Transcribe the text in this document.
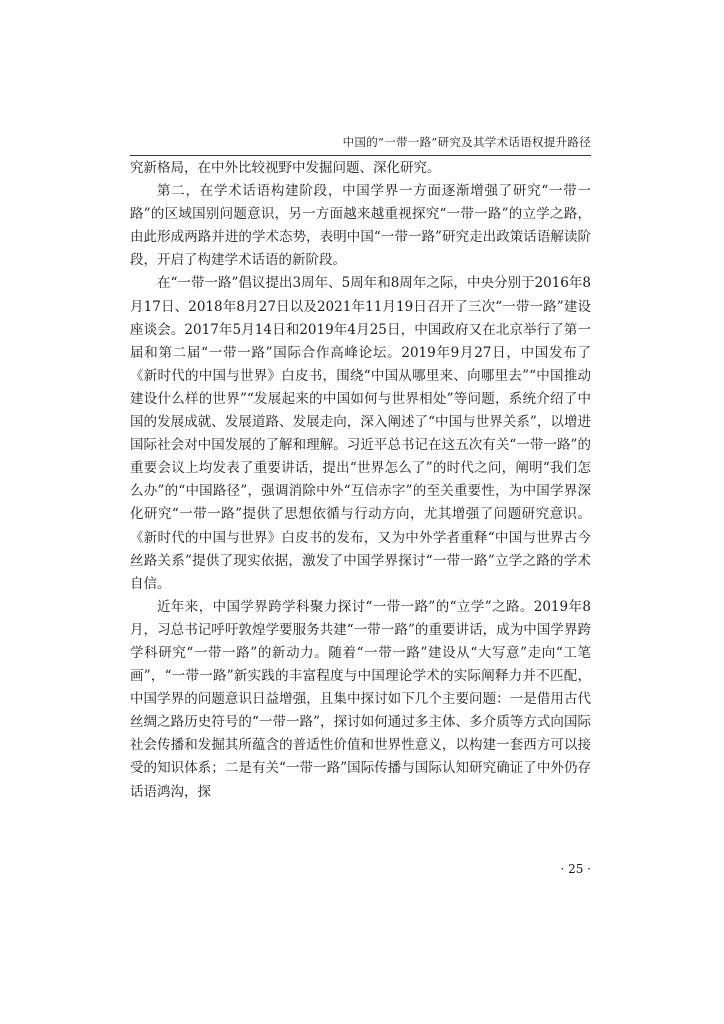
中国的“一带一路”研究及其学术话语权提升路径

究新格局，在中外比较视野中发掘问题、深化研究。

第二，在学术话语构建阶段，中国学界一方面逐渐增强了研究“一带一路”的区域国别问题意识，另一方面越来越重视探究“一带一路”的立学之路，由此形成两路并进的学术态势，表明中国“一带一路”研究走出政策话语解读阶段，开启了构建学术话语的新阶段。

在“一带一路”倡议提出3周年、5周年和8周年之际，中央分别于2016年8月17日、2018年8月27日以及2021年11月19日召开了三次“一带一路”建设座谈会。2017年5月14日和2019年4月25日，中国政府又在北京举行了第一届和第二届“一带一路”国际合作高峰论坛。2019年9月27日，中国发布了《新时代的中国与世界》白皮书，围绕“中国从哪里来、向哪里去”“中国推动建设什么样的世界”“发展起来的中国如何与世界相处”等问题，系统介绍了中国的发展成就、发展道路、发展走向，深入阐述了“中国与世界关系”，以增进国际社会对中国发展的了解和理解。习近平总书记在这五次有关“一带一路”的重要会议上均发表了重要讲话，提出“世界怎么了”的时代之问，阐明“我们怎么办”的“中国路径”，强调消除中外“互信赤字”的至关重要性，为中国学界深化研究“一带一路”提供了思想依循与行动方向，尤其增强了问题研究意识。《新时代的中国与世界》白皮书的发布，又为中外学者重释“中国与世界古今丝路关系”提供了现实依据，激发了中国学界探讨“一带一路”立学之路的学术自信。

近年来，中国学界跨学科聚力探讨“一带一路”的“立学”之路。2019年8月，习总书记呼吁敦煌学要服务共建“一带一路”的重要讲话，成为中国学界跨学科研究“一带一路”的新动力。随着“一带一路”建设从“大写意”走向“工笔画”，“一带一路”新实践的丰富程度与中国理论学术的实际阐释力并不匹配，中国学界的问题意识日益增强，且集中探讨如下几个主要问题：一是借用古代丝绸之路历史符号的“一带一路”，探讨如何通过多主体、多介质等方式向国际社会传播和发掘其所蕴含的普适性价值和世界性意义，以构建一套西方可以接受的知识体系；二是有关“一带一路”国际传播与国际认知研究确证了中外仍存话语鸿沟，探

· 25 ·
